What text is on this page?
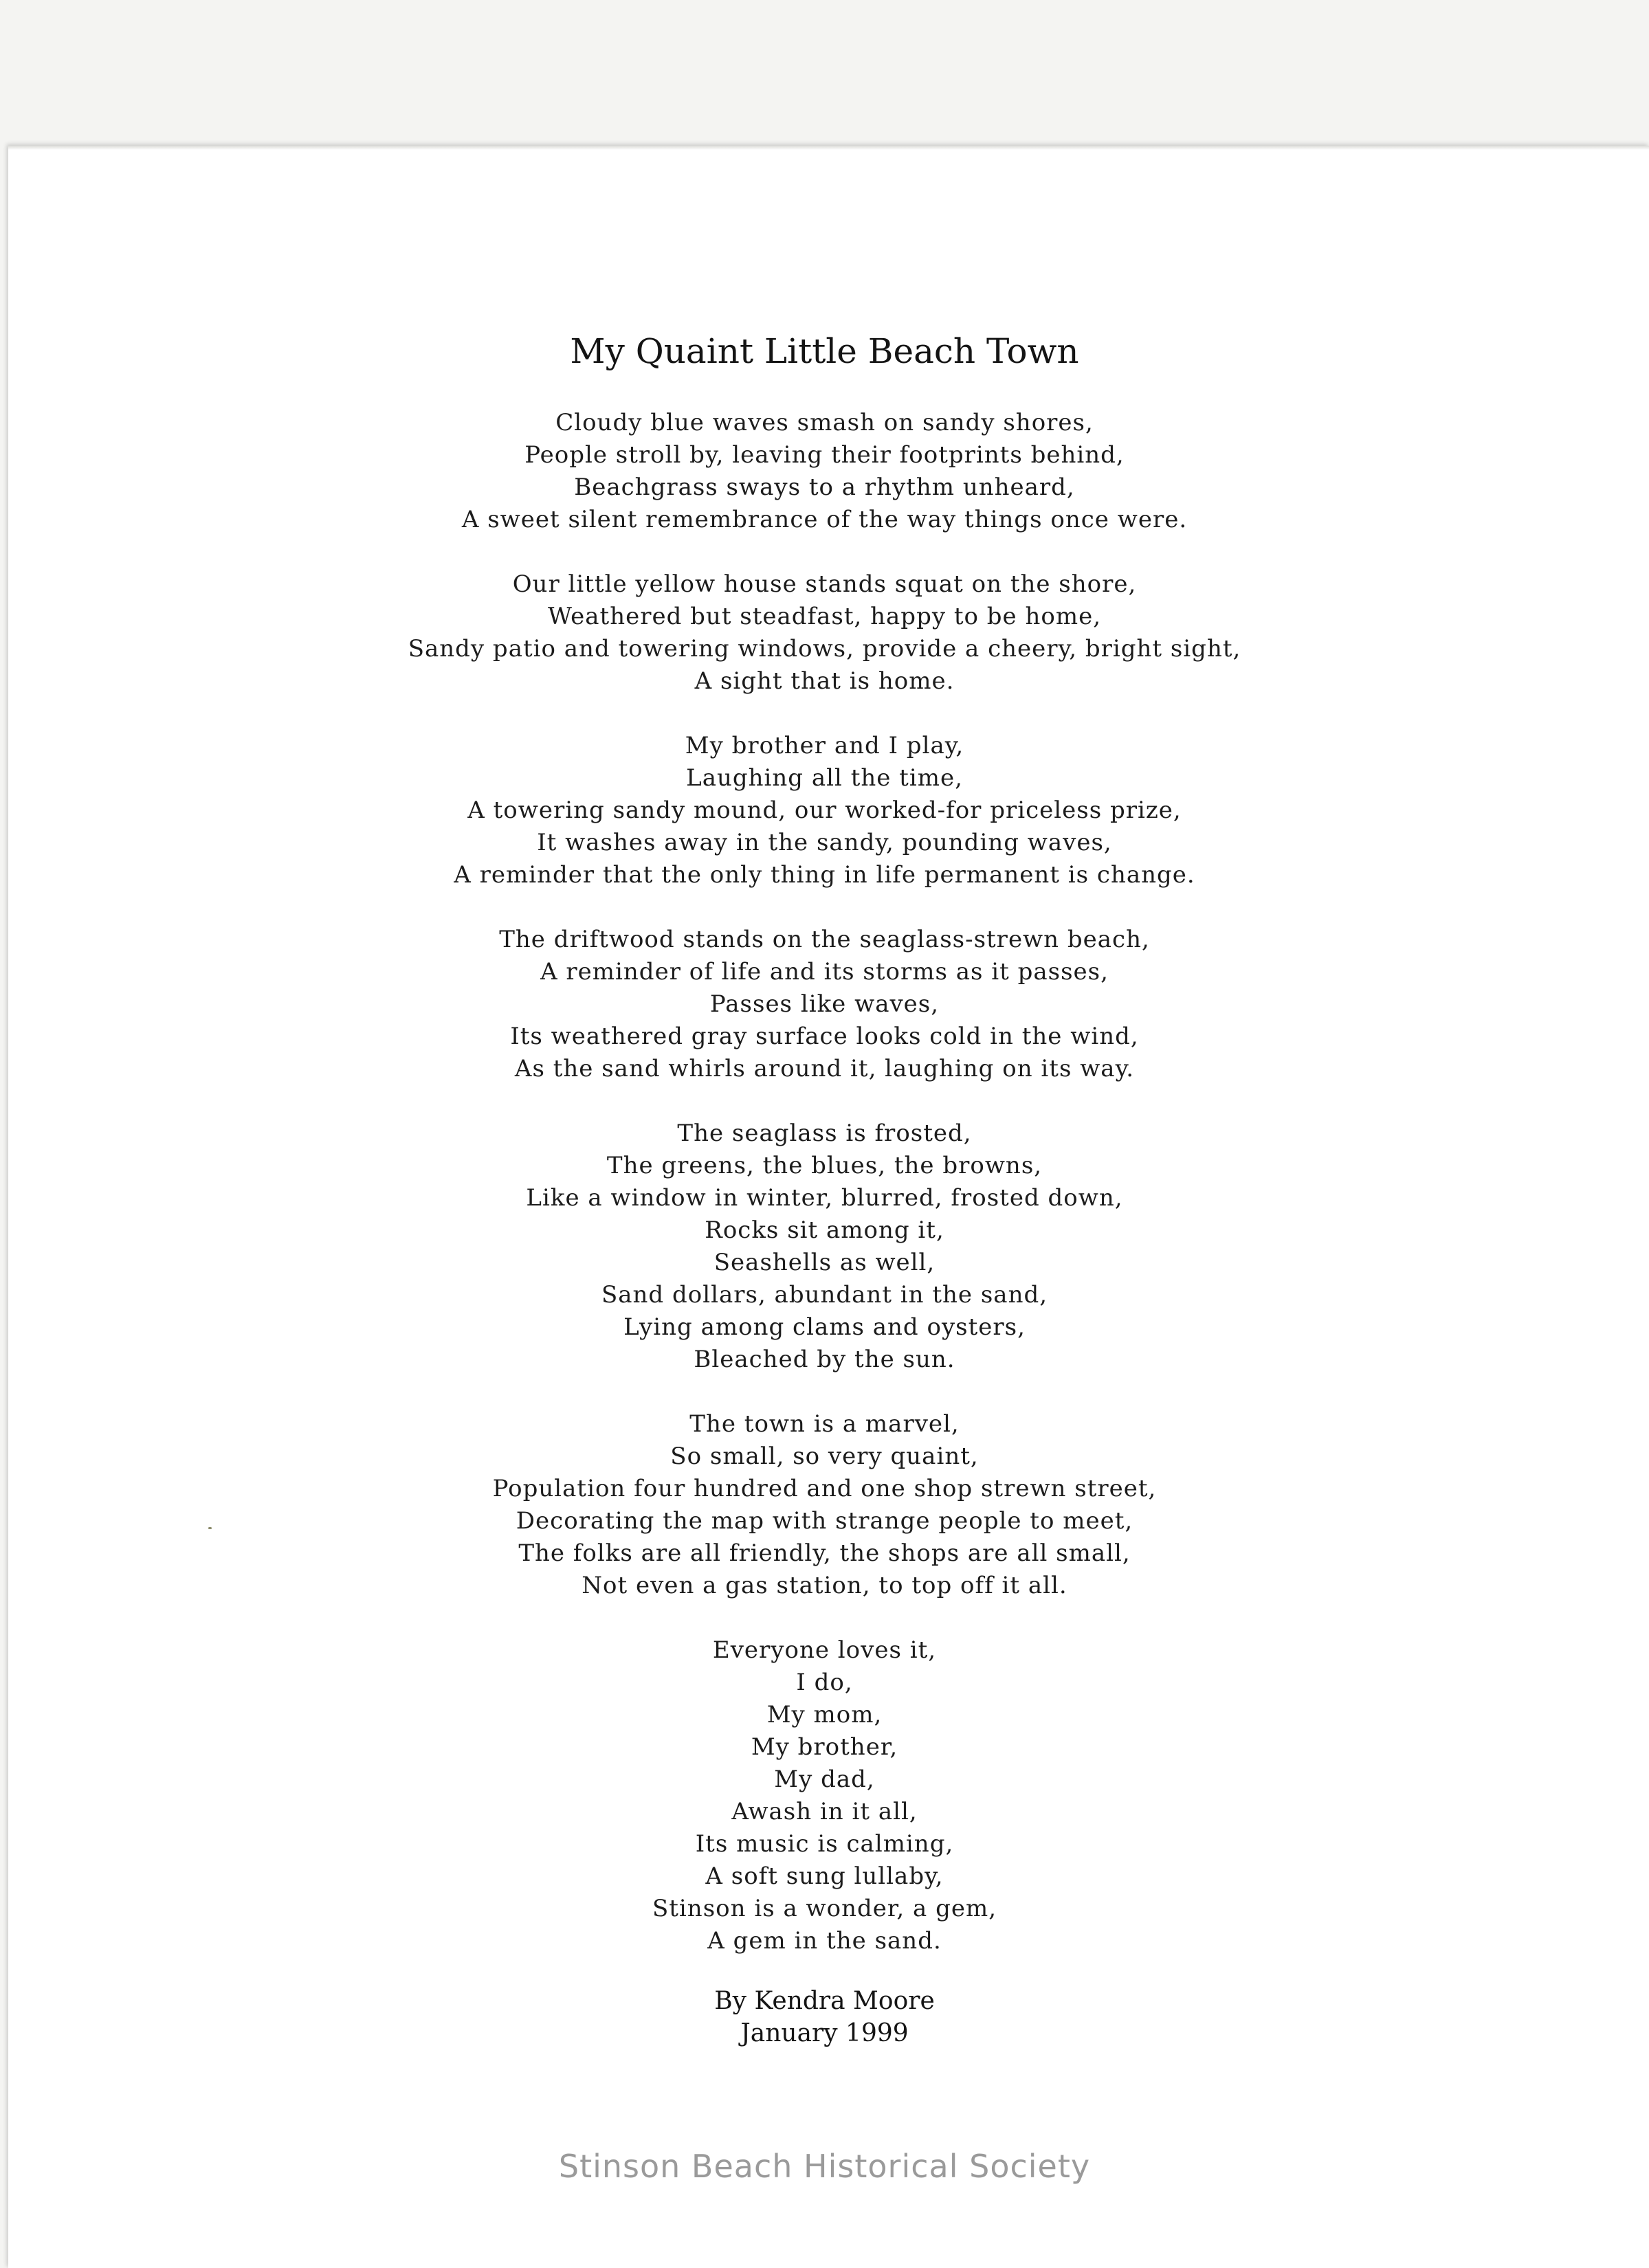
My Quaint Little Beach Town
Cloudy blue waves smash on sandy shores,
People stroll by, leaving their footprints behind,
Beachgrass sways to a rhythm unheard,
A sweet silent remembrance of the way things once were.
Our little yellow house stands squat on the shore,
Weathered but steadfast, happy to be home,
Sandy patio and towering windows, provide a cheery, bright sight,
A sight that is home.
My brother and I play,
Laughing all the time,
A towering sandy mound, our worked-for priceless prize,
It washes away in the sandy, pounding waves,
A reminder that the only thing in life permanent is change.
The driftwood stands on the seaglass-strewn beach,
A reminder of life and its storms as it passes,
Passes like waves,
Its weathered gray surface looks cold in the wind,
As the sand whirls around it, laughing on its way.
The seaglass is frosted,
The greens, the blues, the browns,
Like a window in winter, blurred, frosted down,
Rocks sit among it,
Seashells as well,
Sand dollars, abundant in the sand,
Lying among clams and oysters,
Bleached by the sun.
The town is a marvel,
So small, so very quaint,
Population four hundred and one shop strewn street,
Decorating the map with strange people to meet,
The folks are all friendly, the shops are all small,
Not even a gas station, to top off it all.
Everyone loves it,
I do,
My mom,
My brother,
My dad,
Awash in it all,
Its music is calming,
A soft sung lullaby,
Stinson is a wonder, a gem,
A gem in the sand.
By Kendra Moore
January 1999
Stinson Beach Historical Society
